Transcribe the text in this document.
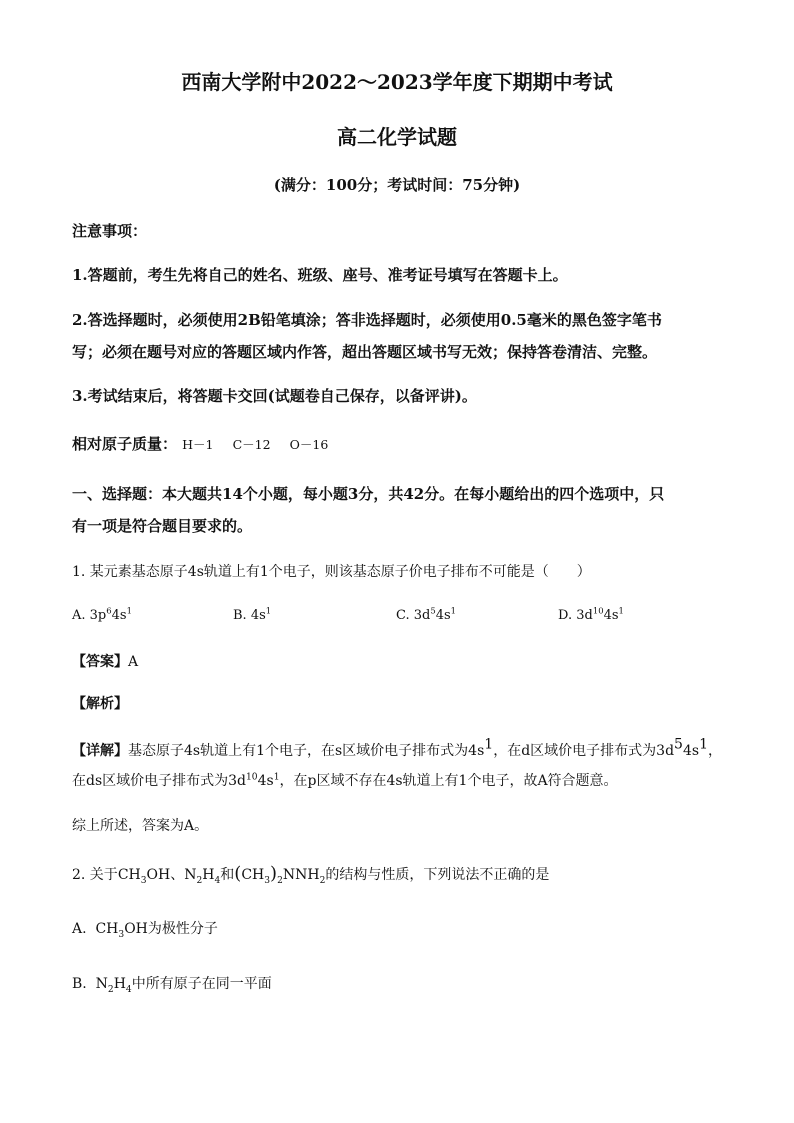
西南大学附中2022～2023学年度下期期中考试
高二化学试题
(满分：100分；考试时间：75分钟)
注意事项：
1.答题前，考生先将自己的姓名、班级、座号、准考证号填写在答题卡上。
2.答选择题时，必须使用2B铅笔填涂；答非选择题时，必须使用0.5毫米的黑色签字笔书
写；必须在题号对应的答题区域内作答，超出答题区域书写无效；保持答卷清洁、完整。
3.考试结束后，将答题卡交回(试题卷自己保存，以备评讲)。
相对原子质量： H－1 C－12 O－16
一、选择题：本大题共14个小题，每小题3分，共42分。在每小题给出的四个选项中，只
有一项是符合题目要求的。
1. 某元素基态原子4s轨道上有1个电子，则该基态原子价电子排布不可能是（　　）
A. $3p^64s^1$	B. $4s^1$	C. $3d^54s^1$	D. $3d^{10}4s^1$
【答案】A
【解析】
【详解】基态原子4s轨道上有1个电子，在s区域价电子排布式为$4s^1$，在d区域价电子排布式为$3d^54s^1$，
在ds区域价电子排布式为$3d^{10}4s^1$，在p区域不存在4s轨道上有1个电子，故A符合题意。
综上所述，答案为A。
2. 关于$CH_3OH$、$N_2H_4$和$(CH_3)_2NNH_2$的结构与性质，下列说法不正确的是
A.  $CH_3OH$为极性分子
B.  $N_2H_4$中所有原子在同一平面
